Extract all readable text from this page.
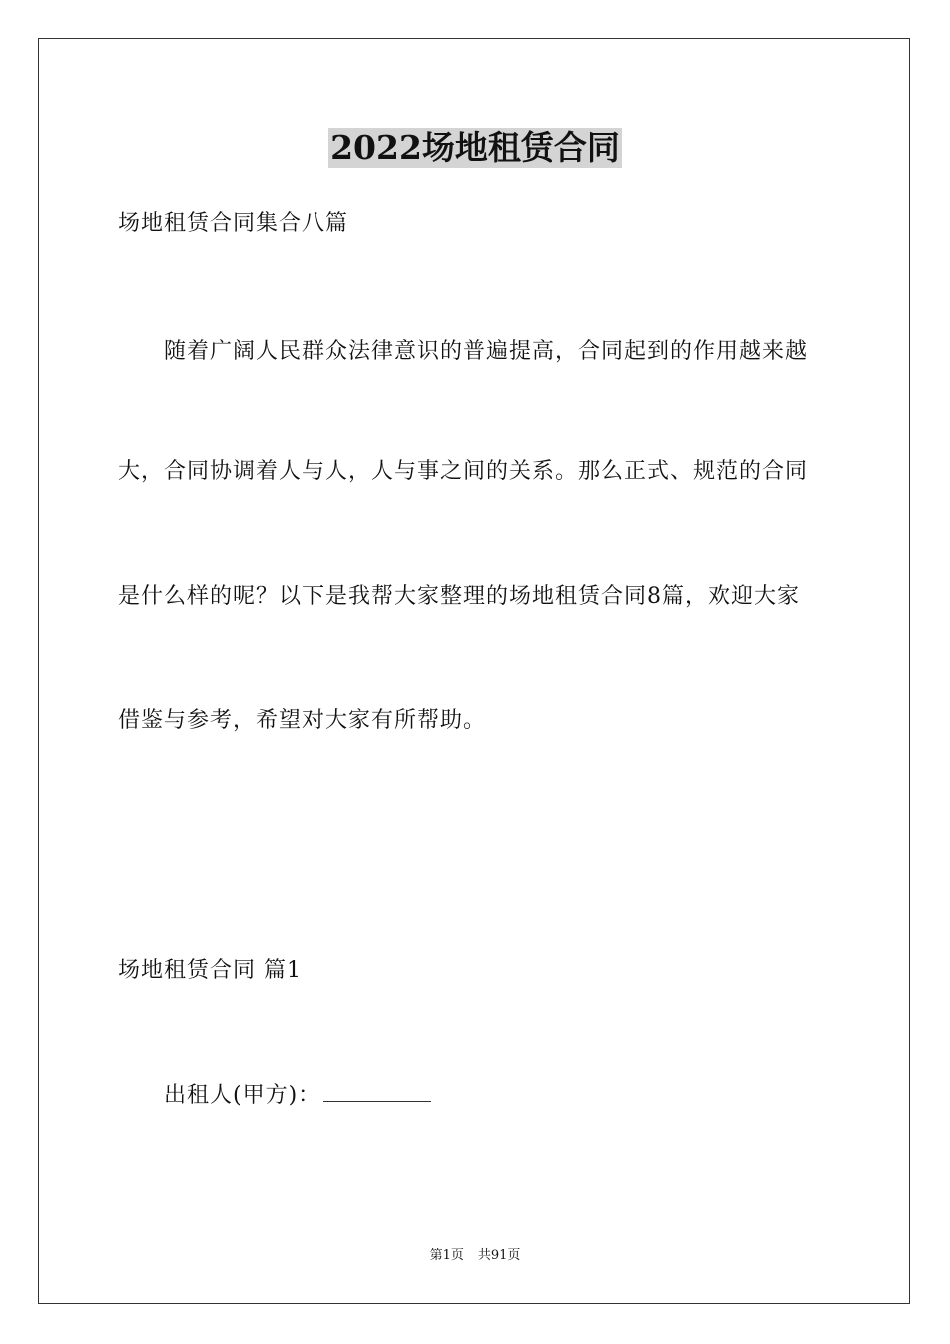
2022场地租赁合同
场地租赁合同集合八篇
随着广阔人民群众法律意识的普遍提高，合同起到的作用越来越
大，合同协调着人与人，人与事之间的关系。那么正式、规范的合同
是什么样的呢？以下是我帮大家整理的场地租赁合同8篇，欢迎大家
借鉴与参考，希望对大家有所帮助。
场地租赁合同 篇1
出租人(甲方)：
第1页 共91页
